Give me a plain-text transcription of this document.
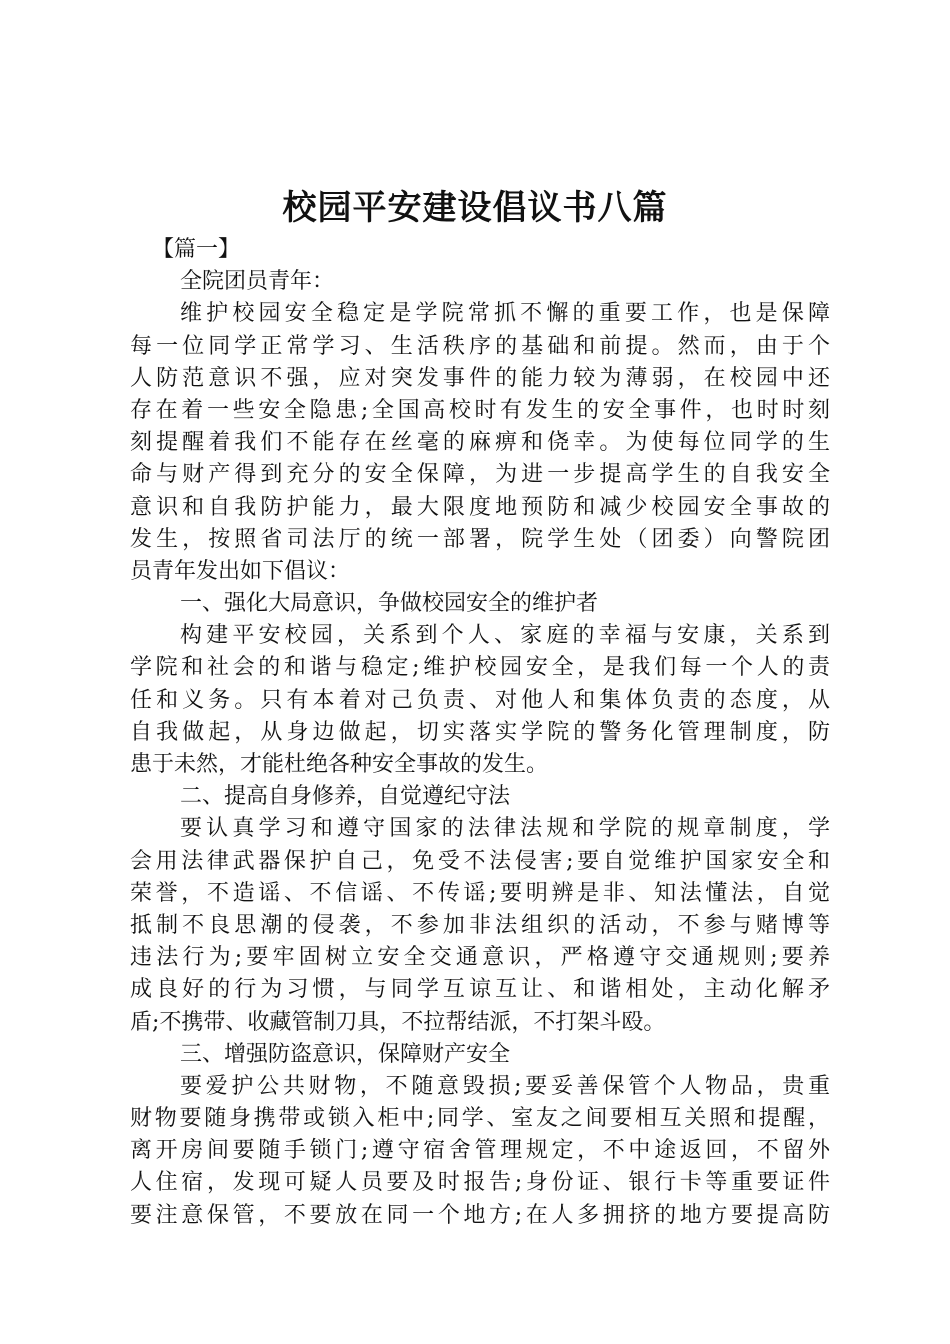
校园平安建设倡议书八篇
【篇一】
全院团员青年：
维护校园安全稳定是学院常抓不懈的重要工作，也是保障
每一位同学正常学习、生活秩序的基础和前提。然而，由于个
人防范意识不强，应对突发事件的能力较为薄弱，在校园中还
存在着一些安全隐患;全国高校时有发生的安全事件，也时时刻
刻提醒着我们不能存在丝毫的麻痹和侥幸。为使每位同学的生
命与财产得到充分的安全保障，为进一步提高学生的自我安全
意识和自我防护能力，最大限度地预防和减少校园安全事故的
发生，按照省司法厅的统一部署，院学生处（团委）向警院团
员青年发出如下倡议：
一、强化大局意识，争做校园安全的维护者
构建平安校园，关系到个人、家庭的幸福与安康，关系到
学院和社会的和谐与稳定;维护校园安全，是我们每一个人的责
任和义务。只有本着对己负责、对他人和集体负责的态度，从
自我做起，从身边做起，切实落实学院的警务化管理制度，防
患于未然，才能杜绝各种安全事故的发生。
二、提高自身修养，自觉遵纪守法
要认真学习和遵守国家的法律法规和学院的规章制度，学
会用法律武器保护自己，免受不法侵害;要自觉维护国家安全和
荣誉，不造谣、不信谣、不传谣;要明辨是非、知法懂法，自觉
抵制不良思潮的侵袭，不参加非法组织的活动，不参与赌博等
违法行为;要牢固树立安全交通意识，严格遵守交通规则;要养
成良好的行为习惯，与同学互谅互让、和谐相处，主动化解矛
盾;不携带、收藏管制刀具，不拉帮结派，不打架斗殴。
三、增强防盗意识，保障财产安全
要爱护公共财物，不随意毁损;要妥善保管个人物品，贵重
财物要随身携带或锁入柜中;同学、室友之间要相互关照和提醒，
离开房间要随手锁门;遵守宿舍管理规定，不中途返回，不留外
人住宿，发现可疑人员要及时报告;身份证、银行卡等重要证件
要注意保管，不要放在同一个地方;在人多拥挤的地方要提高防
